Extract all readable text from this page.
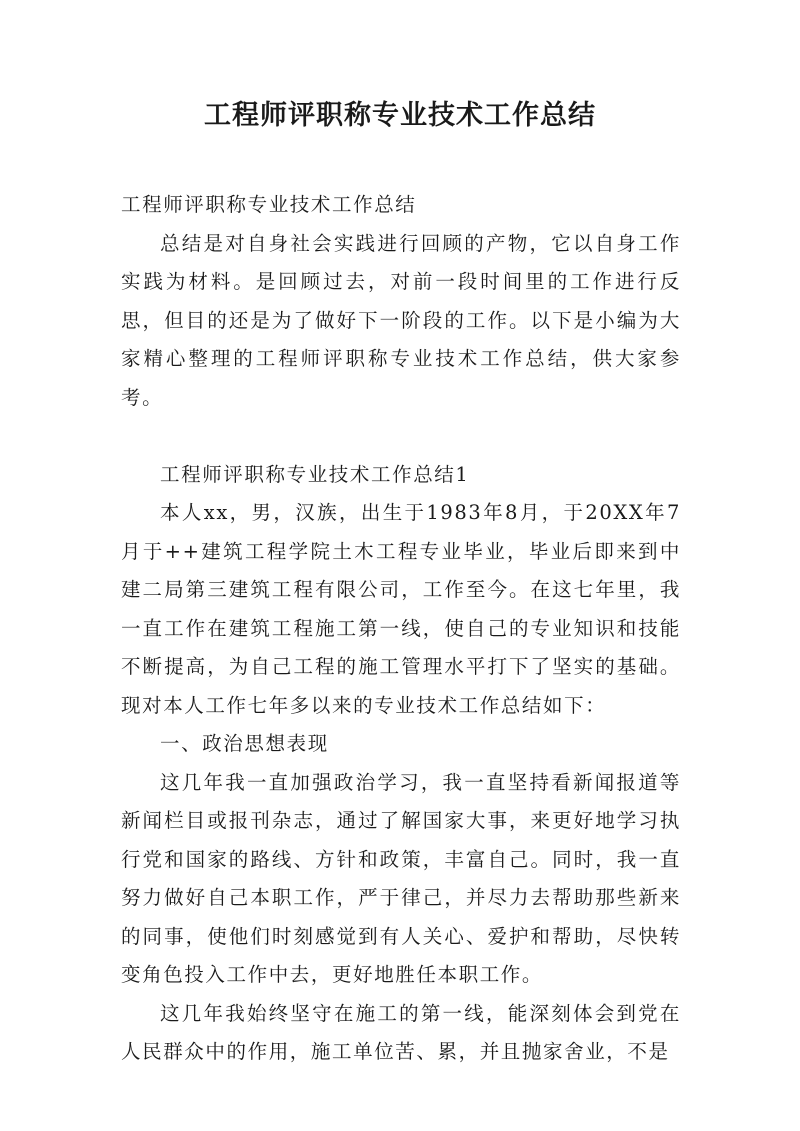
工程师评职称专业技术工作总结

工程师评职称专业技术工作总结

总结是对自身社会实践进行回顾的产物，它以自身工作实践为材料。是回顾过去，对前一段时间里的工作进行反思，但目的还是为了做好下一阶段的工作。以下是小编为大家精心整理的工程师评职称专业技术工作总结，供大家参考。

工程师评职称专业技术工作总结1

本人xx，男，汉族，出生于1983年8月，于20XX年7月于++建筑工程学院土木工程专业毕业，毕业后即来到中建二局第三建筑工程有限公司，工作至今。在这七年里，我一直工作在建筑工程施工第一线，使自己的专业知识和技能不断提高，为自己工程的施工管理水平打下了坚实的基础。现对本人工作七年多以来的专业技术工作总结如下：

一、政治思想表现

这几年我一直加强政治学习，我一直坚持看新闻报道等新闻栏目或报刊杂志，通过了解国家大事，来更好地学习执行党和国家的路线、方针和政策，丰富自己。同时，我一直努力做好自己本职工作，严于律己，并尽力去帮助那些新来的同事，使他们时刻感觉到有人关心、爱护和帮助，尽快转变角色投入工作中去，更好地胜任本职工作。

这几年我始终坚守在施工的第一线，能深刻体会到党在人民群众中的作用，施工单位苦、累，并且抛家舍业，不是
